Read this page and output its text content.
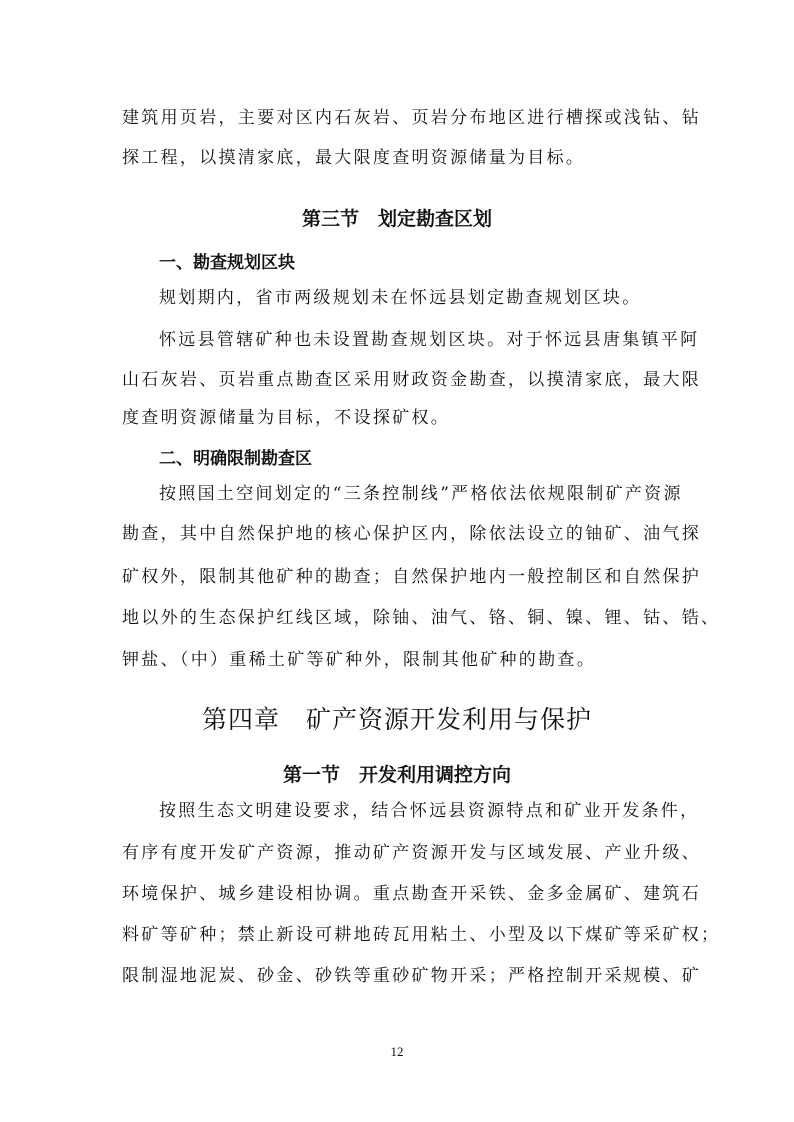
建筑用页岩，主要对区内石灰岩、页岩分布地区进行槽探或浅钻、钻
探工程，以摸清家底，最大限度查明资源储量为目标。
第三节　划定勘查区划
一、勘查规划区块
规划期内，省市两级规划未在怀远县划定勘查规划区块。
怀远县管辖矿种也未设置勘查规划区块。对于怀远县唐集镇平阿
山石灰岩、页岩重点勘查区采用财政资金勘查，以摸清家底，最大限
度查明资源储量为目标，不设探矿权。
二、明确限制勘查区
按照国土空间划定的“三条控制线”严格依法依规限制矿产资源
勘查，其中自然保护地的核心保护区内，除依法设立的铀矿、油气探
矿权外，限制其他矿种的勘查；自然保护地内一般控制区和自然保护
地以外的生态保护红线区域，除铀、油气、铬、铜、镍、锂、钴、锆、
钾盐、（中）重稀土矿等矿种外，限制其他矿种的勘查。
第四章　矿产资源开发利用与保护
第一节　开发利用调控方向
按照生态文明建设要求，结合怀远县资源特点和矿业开发条件，
有序有度开发矿产资源，推动矿产资源开发与区域发展、产业升级、
环境保护、城乡建设相协调。重点勘查开采铁、金多金属矿、建筑石
料矿等矿种；禁止新设可耕地砖瓦用粘土、小型及以下煤矿等采矿权；
限制湿地泥炭、砂金、砂铁等重砂矿物开采；严格控制开采规模、矿
12
